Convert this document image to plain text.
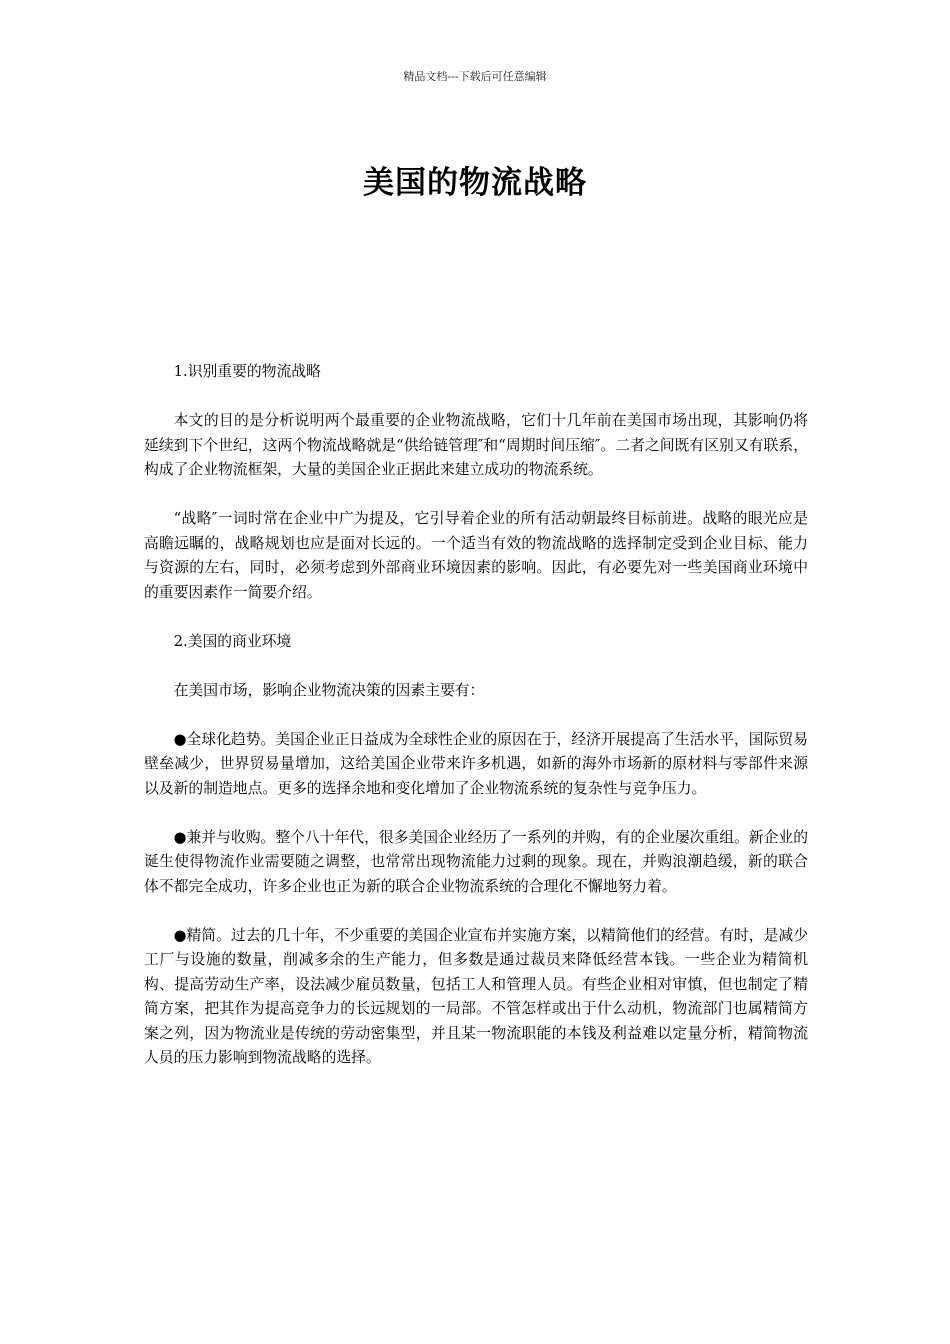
精品文档---下载后可任意编辑
美国的物流战略

1.识别重要的物流战略

本文的目的是分析说明两个最重要的企业物流战略，它们十几年前在美国市场出现，其影响仍将延续到下个世纪，这两个物流战略就是“供给链管理″和“周期时间压缩″。二者之间既有区别又有联系，构成了企业物流框架，大量的美国企业正据此来建立成功的物流系统。

“战略″一词时常在企业中广为提及，它引导着企业的所有活动朝最终目标前进。战略的眼光应是高瞻远瞩的，战略规划也应是面对长远的。一个适当有效的物流战略的选择制定受到企业目标、能力与资源的左右，同时，必须考虑到外部商业环境因素的影响。因此，有必要先对一些美国商业环境中的重要因素作一简要介绍。

2.美国的商业环境

在美国市场，影响企业物流决策的因素主要有：

●全球化趋势。美国企业正日益成为全球性企业的原因在于，经济开展提高了生活水平，国际贸易壁垒减少，世界贸易量增加，这给美国企业带来许多机遇，如新的海外市场新的原材料与零部件来源以及新的制造地点。更多的选择余地和变化增加了企业物流系统的复杂性与竞争压力。

●兼并与收购。整个八十年代，很多美国企业经历了一系列的并购，有的企业屡次重组。新企业的诞生使得物流作业需要随之调整，也常常出现物流能力过剩的现象。现在，并购浪潮趋缓，新的联合体不都完全成功，许多企业也正为新的联合企业物流系统的合理化不懈地努力着。

●精简。过去的几十年，不少重要的美国企业宣布并实施方案，以精简他们的经营。有时，是减少工厂与设施的数量，削减多余的生产能力，但多数是通过裁员来降低经营本钱。一些企业为精简机构、提高劳动生产率，设法减少雇员数量，包括工人和管理人员。有些企业相对审慎，但也制定了精简方案，把其作为提高竞争力的长远规划的一局部。不管怎样或出于什么动机，物流部门也属精简方案之列，因为物流业是传统的劳动密集型，并且某一物流职能的本钱及利益难以定量分析，精简物流人员的压力影响到物流战略的选择。
